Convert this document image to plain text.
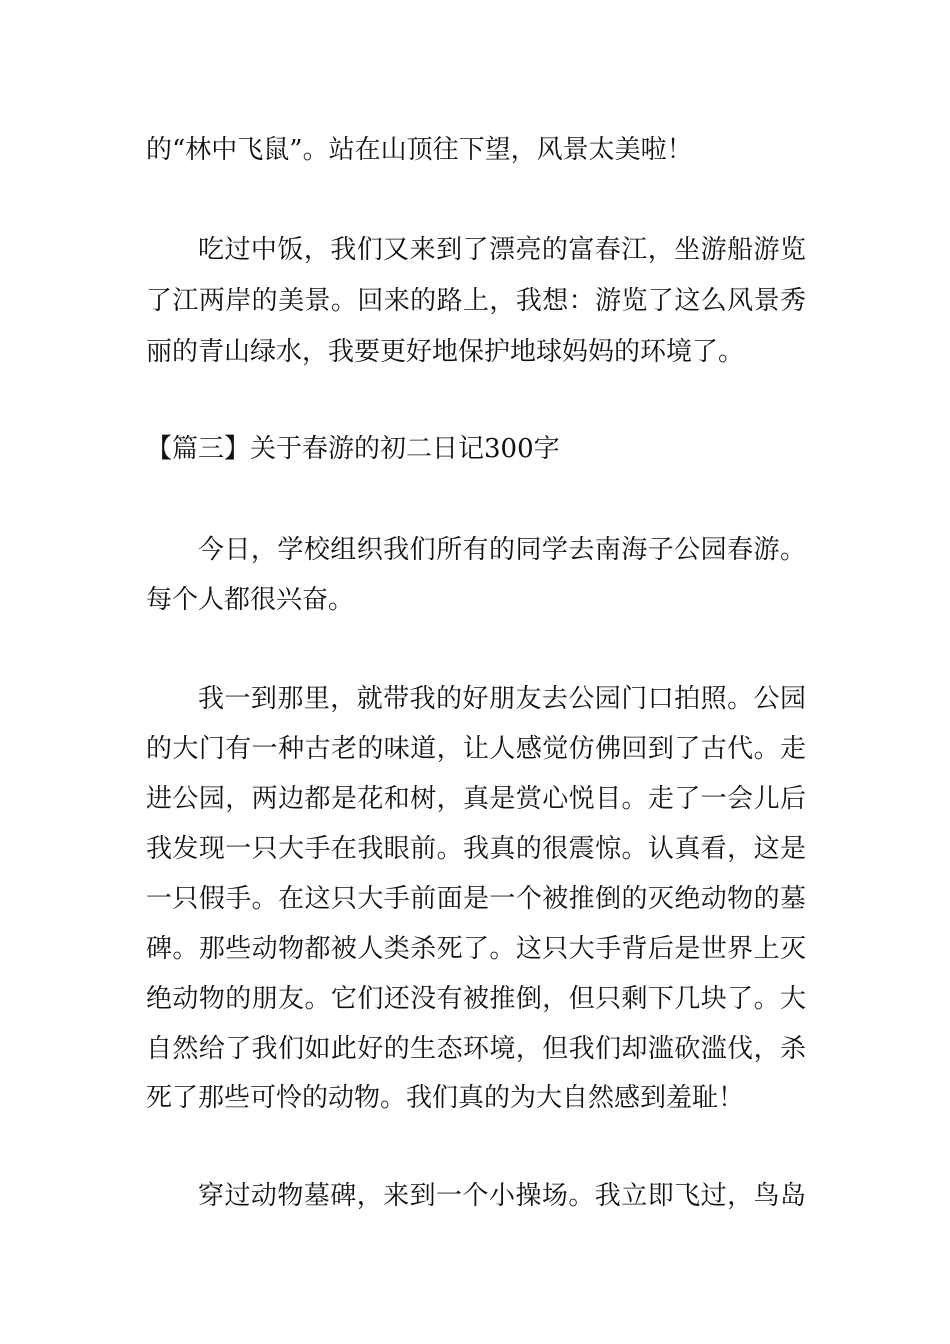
的“林中飞鼠”。站在山顶往下望，风景太美啦！
吃过中饭，我们又来到了漂亮的富春江，坐游船游览
了江两岸的美景。回来的路上，我想：游览了这么风景秀
丽的青山绿水，我要更好地保护地球妈妈的环境了。
【篇三】关于春游的初二日记300字
今日，学校组织我们所有的同学去南海子公园春游。
每个人都很兴奋。
我一到那里，就带我的好朋友去公园门口拍照。公园
的大门有一种古老的味道，让人感觉仿佛回到了古代。走
进公园，两边都是花和树，真是赏心悦目。走了一会儿后
我发现一只大手在我眼前。我真的很震惊。认真看，这是
一只假手。在这只大手前面是一个被推倒的灭绝动物的墓
碑。那些动物都被人类杀死了。这只大手背后是世界上灭
绝动物的朋友。它们还没有被推倒，但只剩下几块了。大
自然给了我们如此好的生态环境，但我们却滥砍滥伐，杀
死了那些可怜的动物。我们真的为大自然感到羞耻！
穿过动物墓碑，来到一个小操场。我立即飞过，鸟岛
